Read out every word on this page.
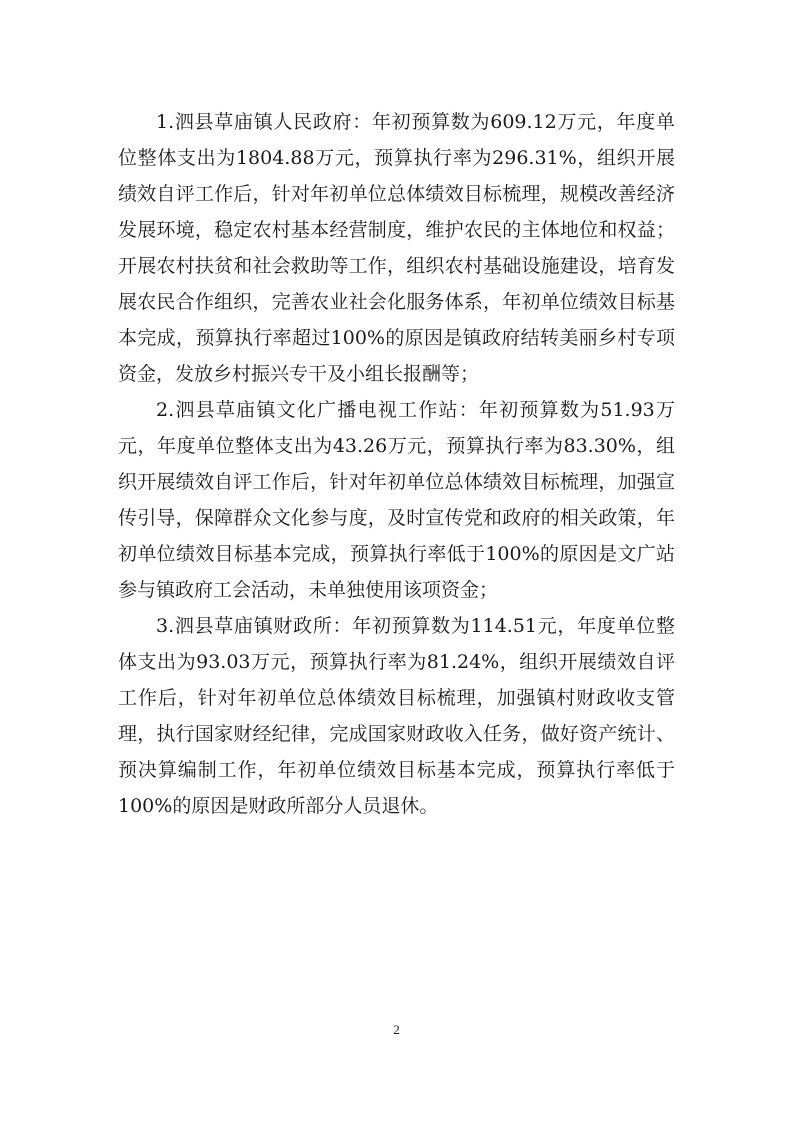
1.泗县草庙镇人民政府：年初预算数为609.12万元，年度单位整体支出为1804.88万元，预算执行率为296.31%，组织开展绩效自评工作后，针对年初单位总体绩效目标梳理，规模改善经济发展环境，稳定农村基本经营制度，维护农民的主体地位和权益；开展农村扶贫和社会救助等工作，组织农村基础设施建设，培育发展农民合作组织，完善农业社会化服务体系，年初单位绩效目标基本完成，预算执行率超过100%的原因是镇政府结转美丽乡村专项资金，发放乡村振兴专干及小组长报酬等；

2.泗县草庙镇文化广播电视工作站：年初预算数为51.93万元，年度单位整体支出为43.26万元，预算执行率为83.30%，组织开展绩效自评工作后，针对年初单位总体绩效目标梳理，加强宣传引导，保障群众文化参与度，及时宣传党和政府的相关政策，年初单位绩效目标基本完成，预算执行率低于100%的原因是文广站参与镇政府工会活动，未单独使用该项资金；

3.泗县草庙镇财政所：年初预算数为114.51元，年度单位整体支出为93.03万元，预算执行率为81.24%，组织开展绩效自评工作后，针对年初单位总体绩效目标梳理，加强镇村财政收支管理，执行国家财经纪律，完成国家财政收入任务，做好资产统计、预决算编制工作，年初单位绩效目标基本完成，预算执行率低于100%的原因是财政所部分人员退休。

2
